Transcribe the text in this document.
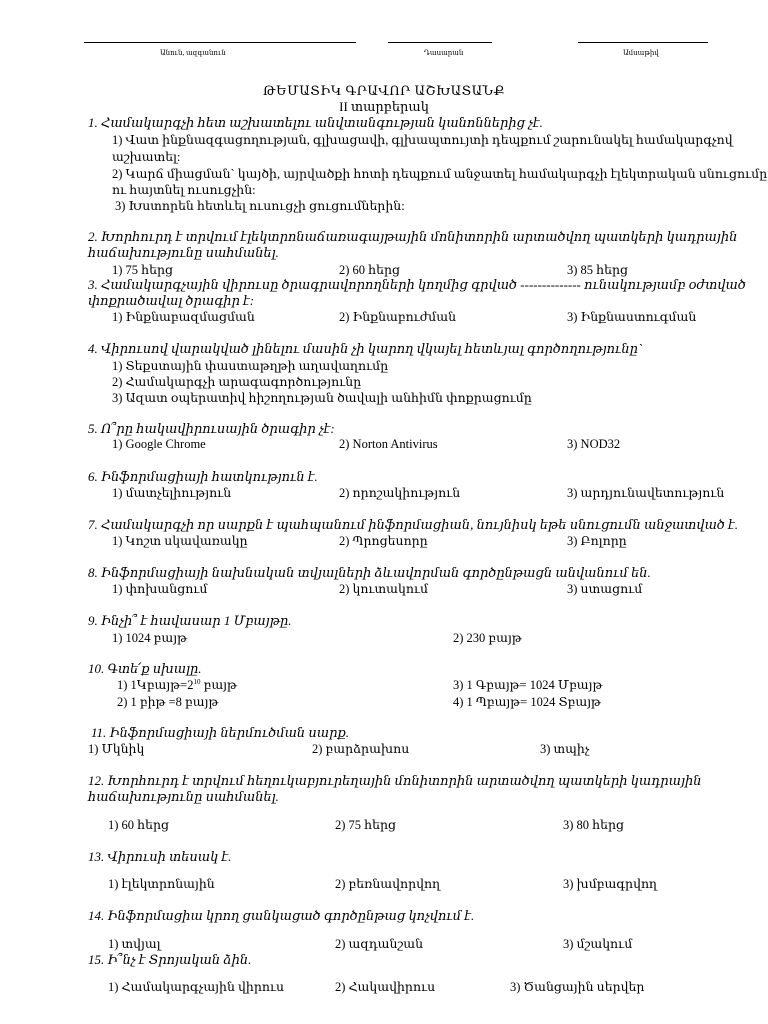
Անուն, ազգանուն	Դասարան	Ամսաթիվ
ԹԵՄԱՏԻԿ ԳՐԱՎՈՐ ԱՇԽԱՏԱՆՔ
II տարբերակ
1. Համակարգչի հետ աշխատելու անվտանգության կանոններից չէ.
1) Վատ ինքնազգացողության, գլխացավի, գլխապտույտի դեպքում շարունակել համակարգչով
աշխատել:
2) Կարճ միացման` կայծի, այրվածքի հոտի դեպքում անջատել համակարգչի էլեկտրական սնուցումը
ու հայտնել ուսուցչին:
3) Խստորեն հետևել ուսուցչի ցուցումներին:
2. Խորհուրդ է տրվում էլեկտրոնաճառագայթային մոնիտորին արտածվող պատկերի կադրային
հաճախությունը սահմանել.
1) 75 հերց	2) 60 հերց	3) 85 հերց
3. Համակարգչային վիրուսը ծրագրավորողների կողմից գրված -------------- ունակությամբ օժտված
փոքրածավալ ծրագիր է:
1) Ինքնաբազմացման	2) Ինքնաբուժման	3) Ինքնաստուգման
4. Վիրուսով վարակված լինելու մասին չի կարող վկայել հետևյալ գործողությունը`
1) Տեքստային փաստաթղթի աղավաղումը
2) Համակարգչի արագագործությունը
3) Ազատ օպերատիվ հիշողության ծավալի անհիմն փոքրացումը
5. Ո՞րը հակավիրուսային ծրագիր չէ:
1) Google Chrome	2) Norton Antivirus	3) NOD32
6. Ինֆորմացիայի հատկություն է.
1) մատչելիություն	2) որոշակիություն	3) արդյունավետություն
7. Համակարգչի որ սարքն է պահպանում ինֆորմացիան, նույնիսկ եթե սնուցումն անջատված է.
1) Կոշտ սկավառակը	2) Պրոցեսորը	3) Բոլորը
8. Ինֆորմացիայի նախնական տվյալների ձևավորման գործընթացն անվանում են.
1) փոխանցում	2) կուտակում	3) ստացում
9. Ինչի՞ է հավասար 1 Մբայթը.
1) 1024 բայթ	2) 230 բայթ
10. Գտե՛ք սխալը.
1) $1Կբայթ=2^{10}$ բայթ
2) 1 բիթ =8 բայթ
3) 1 Գբայթ= 1024 Մբայթ
4) 1 Պբայթ= 1024 Տբայթ
11. Ինֆորմացիայի ներմուծման սարք.
1) Մկնիկ	2) բարձրախոս	3) տպիչ
12. Խորհուրդ է տրվում հեղուկաբյուրեղային մոնիտորին արտածվող պատկերի կադրային
հաճախությունը սահմանել.
1) 60 հերց	2) 75 հերց	3) 80 հերց
13. Վիրուսի տեսակ է.
1) էլեկտրոնային	2) բեռնավորվող	3) խմբագրվող
14. Ինֆորմացիա կրող ցանկացած գործընթաց կոչվում է.
1) տվյալ	2) ազդանշան	3) մշակում
15. Ի՞նչ է Տրոյական ձին.
1) Համակարգչային վիրուս	2) Հակավիրուս	3) Ծանցային սերվեր
